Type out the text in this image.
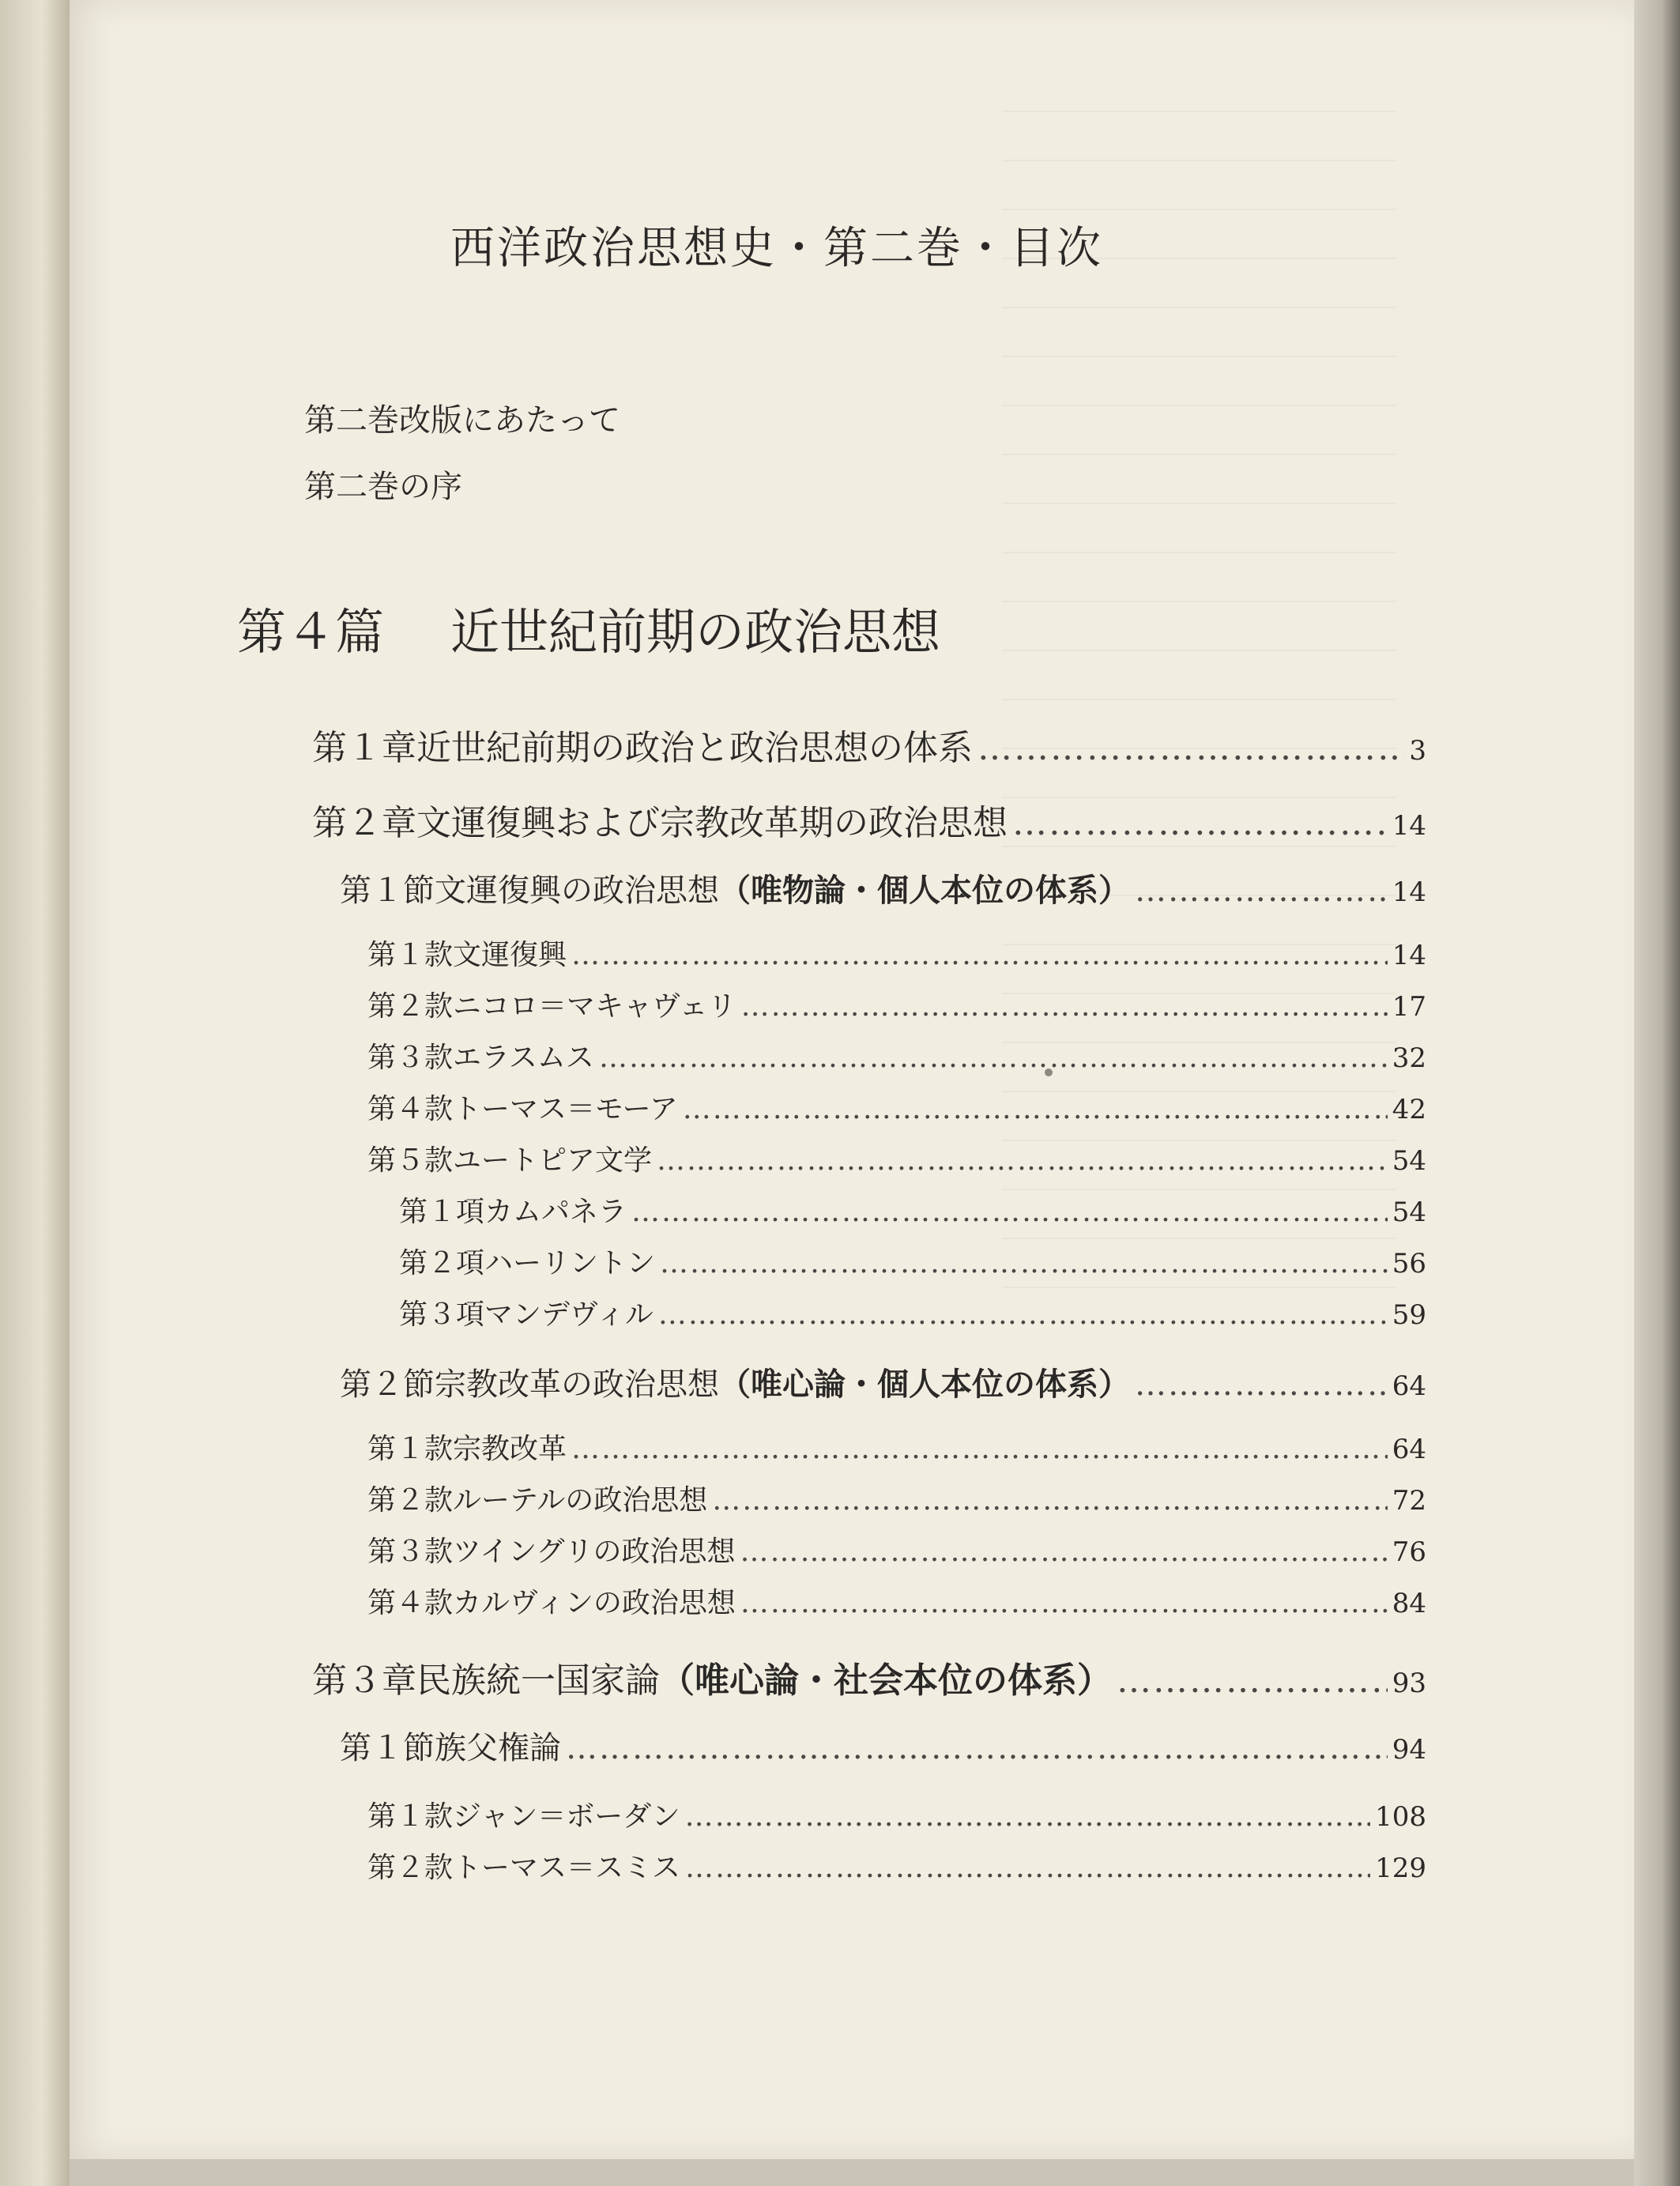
西洋政治思想史・第二巻・目次
第二巻改版にあたって
第二巻の序
第４篇 近世紀前期の政治思想
第１章 近世紀前期の政治と政治思想の体系 ……………………………………………………………………………………………………………………………………………………………………………………………………………………	3
第２章 文運復興および宗教改革期の政治思想 ……………………………………………………………………………………………………………………………………………………………………………………………………………………	14
第１節 文運復興の政治思想 （唯物論・個人本位の体系） ……………………………………………………………………………………………………………………………………………………………………………………………………………………	14
第１款 文運復興 ……………………………………………………………………………………………………………………………………………………………………………………………………………………	14
第２款 ニコロ＝マキャヴェリ ……………………………………………………………………………………………………………………………………………………………………………………………………………………	17
第３款 エラスムス ……………………………………………………………………………………………………………………………………………………………………………………………………………………	32
第４款 トーマス＝モーア ……………………………………………………………………………………………………………………………………………………………………………………………………………………	42
第５款 ユートピア文学 ……………………………………………………………………………………………………………………………………………………………………………………………………………………	54
第１項 カムパネラ ……………………………………………………………………………………………………………………………………………………………………………………………………………………	54
第２項 ハーリントン ……………………………………………………………………………………………………………………………………………………………………………………………………………………	56
第３項 マンデヴィル ……………………………………………………………………………………………………………………………………………………………………………………………………………………	59
第２節 宗教改革の政治思想 （唯心論・個人本位の体系） ……………………………………………………………………………………………………………………………………………………………………………………………………………………	64
第１款 宗教改革 ……………………………………………………………………………………………………………………………………………………………………………………………………………………	64
第２款 ルーテルの政治思想 ……………………………………………………………………………………………………………………………………………………………………………………………………………………	72
第３款 ツイングリの政治思想 ……………………………………………………………………………………………………………………………………………………………………………………………………………………	76
第４款 カルヴィンの政治思想 ……………………………………………………………………………………………………………………………………………………………………………………………………………………	84
第３章 民族統一国家論 （唯心論・社会本位の体系） ……………………………………………………………………………………………………………………………………………………………………………………………………………………	93
第１節 族父権論 ……………………………………………………………………………………………………………………………………………………………………………………………………………………	94
第１款 ジャン＝ボーダン ……………………………………………………………………………………………………………………………………………………………………………………………………………………	108
第２款 トーマス＝スミス ……………………………………………………………………………………………………………………………………………………………………………………………………………………	129
